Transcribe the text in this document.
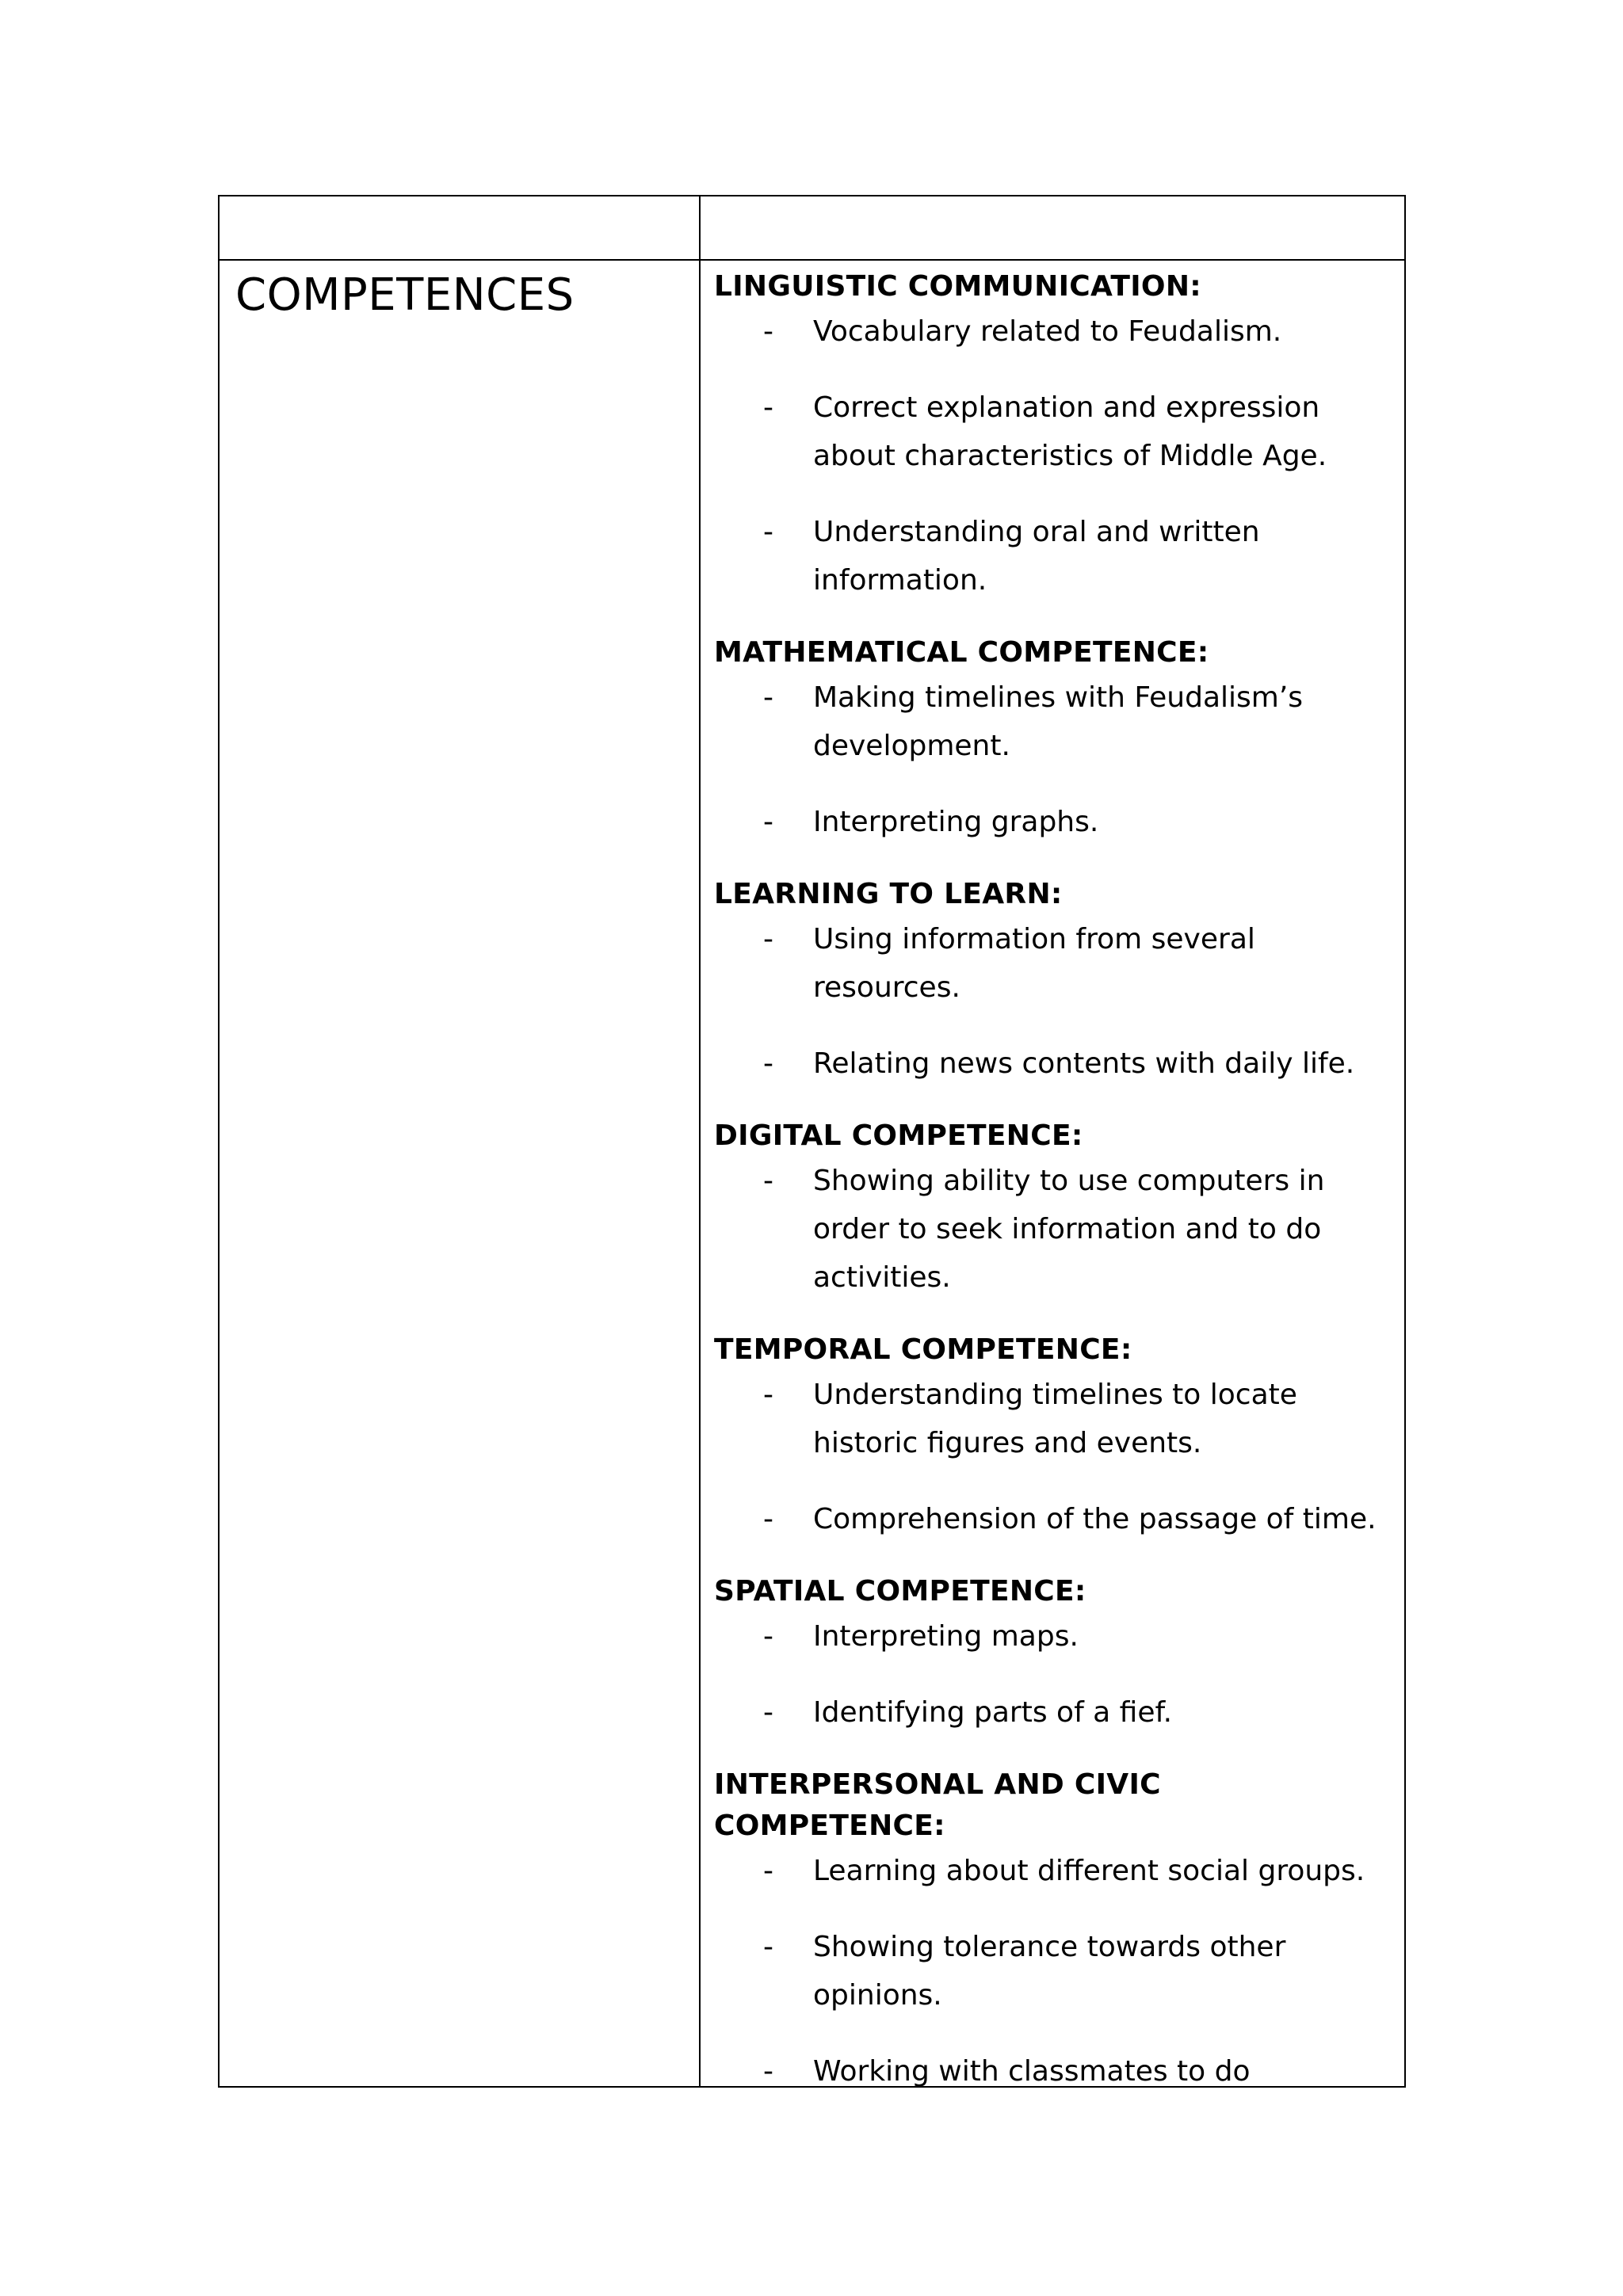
COMPETENCES	LINGUISTIC COMMUNICATION:

- Vocabulary related to Feudalism.

- Correct explanation and expression about characteristics of Middle Age.

- Understanding oral and written information.

MATHEMATICAL COMPETENCE:

- Making timelines with Feudalism’s development.

- Interpreting graphs.

LEARNING TO LEARN:

- Using information from several resources.

- Relating news contents with daily life.

DIGITAL COMPETENCE:

- Showing ability to use computers in order to seek information and to do activities.

TEMPORAL COMPETENCE:

- Understanding timelines to locate historic figures and events.

- Comprehension of the passage of time.

SPATIAL COMPETENCE:

- Interpreting maps.

- Identifying parts of a fief.

INTERPERSONAL AND CIVIC COMPETENCE:

- Learning about different social groups.

- Showing tolerance towards other opinions.

- Working with classmates to do
